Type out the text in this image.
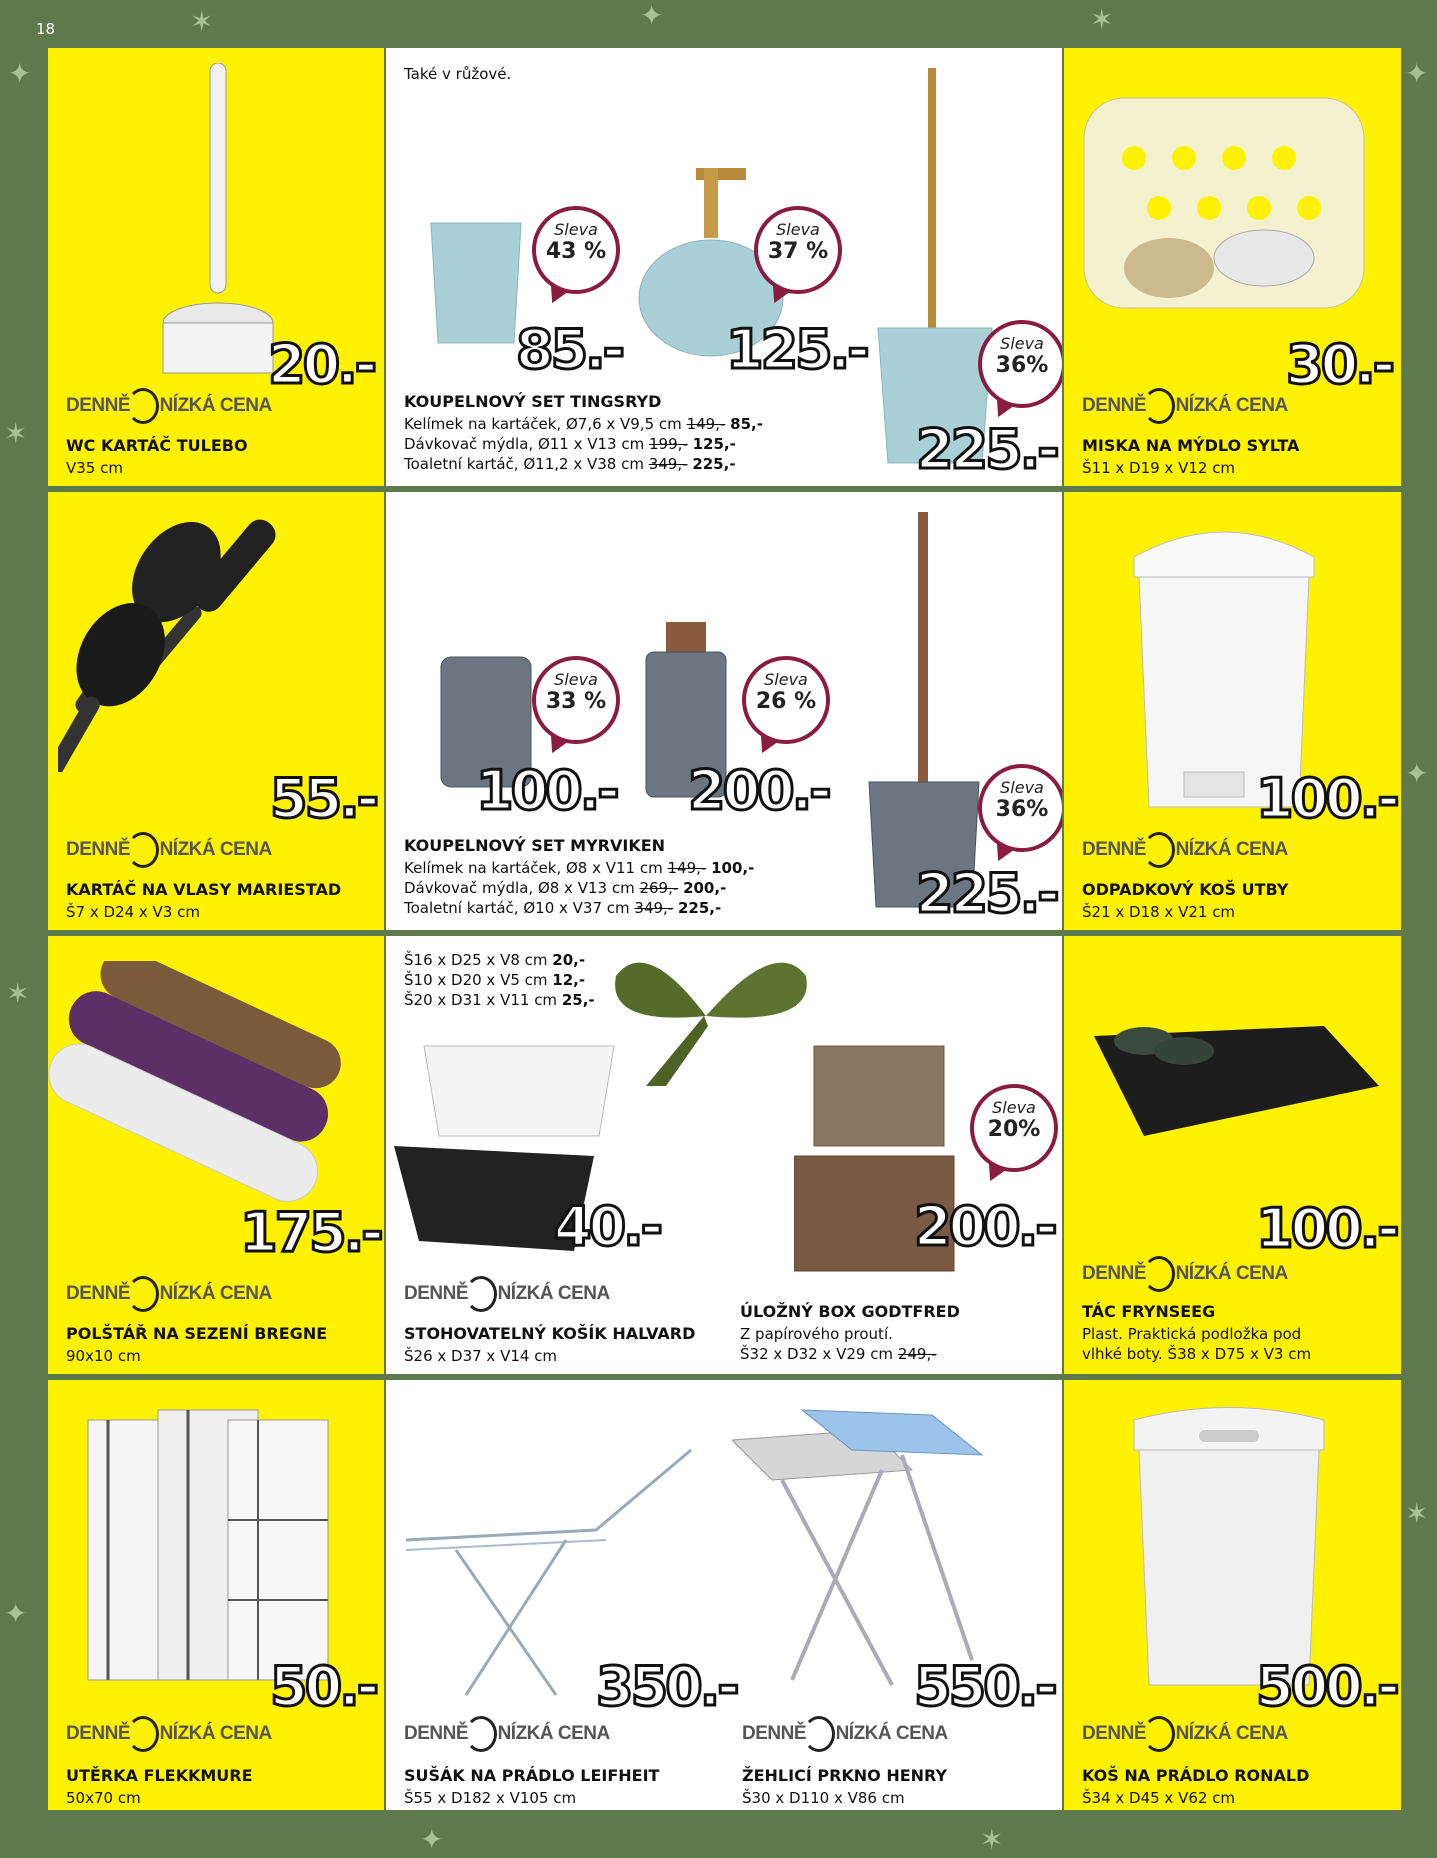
✦
✶	✦	✶
✦
✶
✦
✶
✦
✶
✦	✶
18
20.-
DENNĚ NÍZKÁ CENA
WC KARTÁČ TULEBO
V35 cm
Také v růžové.
Sleva
43 %
85.-
Sleva
37 %
125.-	Sleva
36%
225.-
KOUPELNOVÝ SET TINGSRYD
Kelímek na kartáček, Ø7,6 x V9,5 cm 149,- 85,-
Dávkovač mýdla, Ø11 x V13 cm 199,- 125,-
Toaletní kartáč, Ø11,2 x V38 cm 349,- 225,-
30.-
DENNĚ NÍZKÁ CENA
MISKA NA MÝDLO SYLTA
Š11 x D19 x V12 cm
55.-
DENNĚ NÍZKÁ CENA
KARTÁČ NA VLASY MARIESTAD
Š7 x D24 x V3 cm
Sleva
33 %
100.-
Sleva
26 %
200.-	Sleva
36%
225.-
KOUPELNOVÝ SET MYRVIKEN
Kelímek na kartáček, Ø8 x V11 cm 149,- 100,-
Dávkovač mýdla, Ø8 x V13 cm 269,- 200,-
Toaletní kartáč, Ø10 x V37 cm 349,- 225,-
100.-
DENNĚ NÍZKÁ CENA
ODPADKOVÝ KOŠ UTBY
Š21 x D18 x V21 cm
175.-
DENNĚ NÍZKÁ CENA
POLŠTÁŘ NA SEZENÍ BREGNE
90x10 cm
Š16 x D25 x V8 cm 20,-
Š10 x D20 x V5 cm 12,-
Š20 x D31 x V11 cm 25,-
40.-
Sleva
20%
200.-
DENNĚ NÍZKÁ CENA
STOHOVATELNÝ KOŠÍK HALVARD
Š26 x D37 x V14 cm
ÚLOŽNÝ BOX GODTFRED
Z papírového proutí.
Š32 x D32 x V29 cm 249,-
100.-
DENNĚ NÍZKÁ CENA
TÁC FRYNSEEG
Plast. Praktická podložka pod
vlhké boty. Š38 x D75 x V3 cm
50.-
DENNĚ NÍZKÁ CENA
UTĚRKA FLEKKMURE
50x70 cm
350.-	550.-
DENNĚ NÍZKÁ CENA	DENNĚ NÍZKÁ CENA
SUŠÁK NA PRÁDLO LEIFHEIT
Š55 x D182 x V105 cm
ŽEHLICÍ PRKNO HENRY
Š30 x D110 x V86 cm
500.-
DENNĚ NÍZKÁ CENA
KOŠ NA PRÁDLO RONALD
Š34 x D45 x V62 cm
